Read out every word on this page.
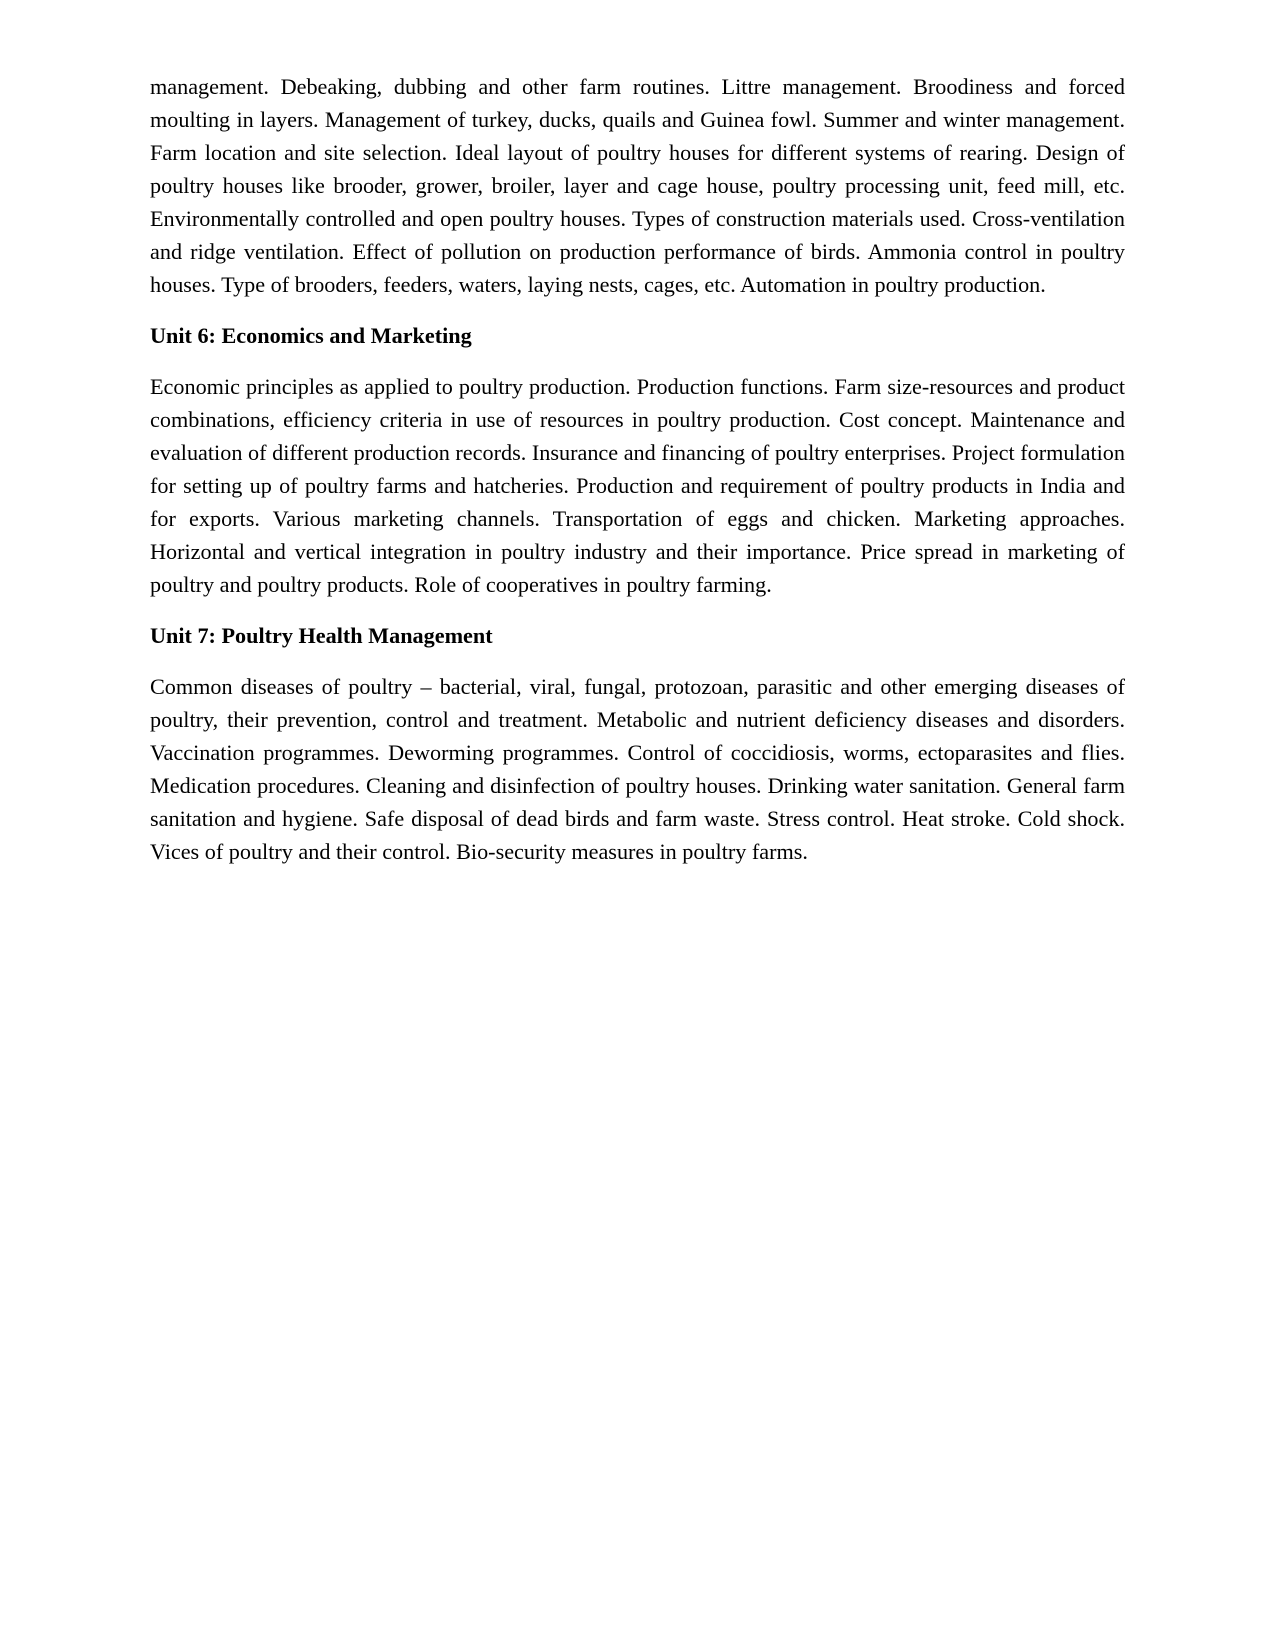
management. Debeaking, dubbing and other farm routines. Littre management. Broodiness and forced moulting in layers. Management of turkey, ducks, quails and Guinea fowl. Summer and winter management. Farm location and site selection. Ideal layout of poultry houses for different systems of rearing. Design of poultry houses like brooder, grower, broiler, layer and cage house, poultry processing unit, feed mill, etc. Environmentally controlled and open poultry houses. Types of construction materials used. Cross-ventilation and ridge ventilation. Effect of pollution on production performance of birds. Ammonia control in poultry houses. Type of brooders, feeders, waters, laying nests, cages, etc. Automation in poultry production.

Unit 6: Economics and Marketing

Economic principles as applied to poultry production. Production functions. Farm size-resources and product combinations, efficiency criteria in use of resources in poultry production. Cost concept. Maintenance and evaluation of different production records. Insurance and financing of poultry enterprises. Project formulation for setting up of poultry farms and hatcheries. Production and requirement of poultry products in India and for exports. Various marketing channels. Transportation of eggs and chicken. Marketing approaches. Horizontal and vertical integration in poultry industry and their importance. Price spread in marketing of poultry and poultry products. Role of cooperatives in poultry farming.

Unit 7: Poultry Health Management

Common diseases of poultry – bacterial, viral, fungal, protozoan, parasitic and other emerging diseases of poultry, their prevention, control and treatment. Metabolic and nutrient deficiency diseases and disorders. Vaccination programmes. Deworming programmes. Control of coccidiosis, worms, ectoparasites and flies. Medication procedures. Cleaning and disinfection of poultry houses. Drinking water sanitation. General farm sanitation and hygiene. Safe disposal of dead birds and farm waste. Stress control. Heat stroke. Cold shock. Vices of poultry and their control. Bio-security measures in poultry farms.
